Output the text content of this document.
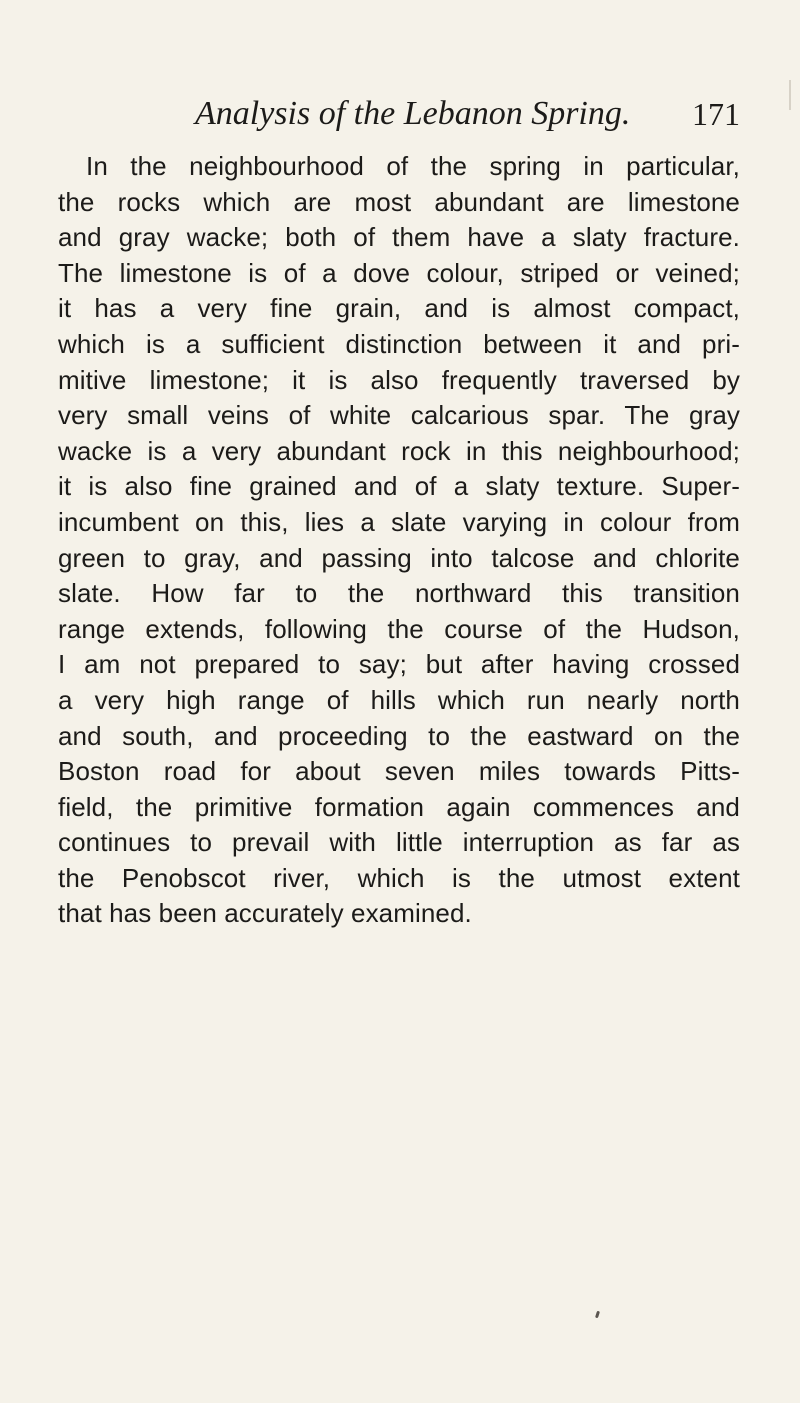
Analysis of the Lebanon Spring. 171
In the neighbourhood of the spring in particular,
the rocks which are most abundant are limestone
and gray wacke; both of them have a slaty fracture.
The limestone is of a dove colour, striped or veined;
it has a very fine grain, and is almost compact,
which is a sufficient distinction between it and pri-
mitive limestone; it is also frequently traversed by
very small veins of white calcarious spar. The gray
wacke is a very abundant rock in this neighbourhood;
it is also fine grained and of a slaty texture. Super-
incumbent on this, lies a slate varying in colour from
green to gray, and passing into talcose and chlorite
slate. How far to the northward this transition
range extends, following the course of the Hudson,
I am not prepared to say; but after having crossed
a very high range of hills which run nearly north
and south, and proceeding to the eastward on the
Boston road for about seven miles towards Pitts-
field, the primitive formation again commences and
continues to prevail with little interruption as far as
the Penobscot river, which is the utmost extent
that has been accurately examined.
